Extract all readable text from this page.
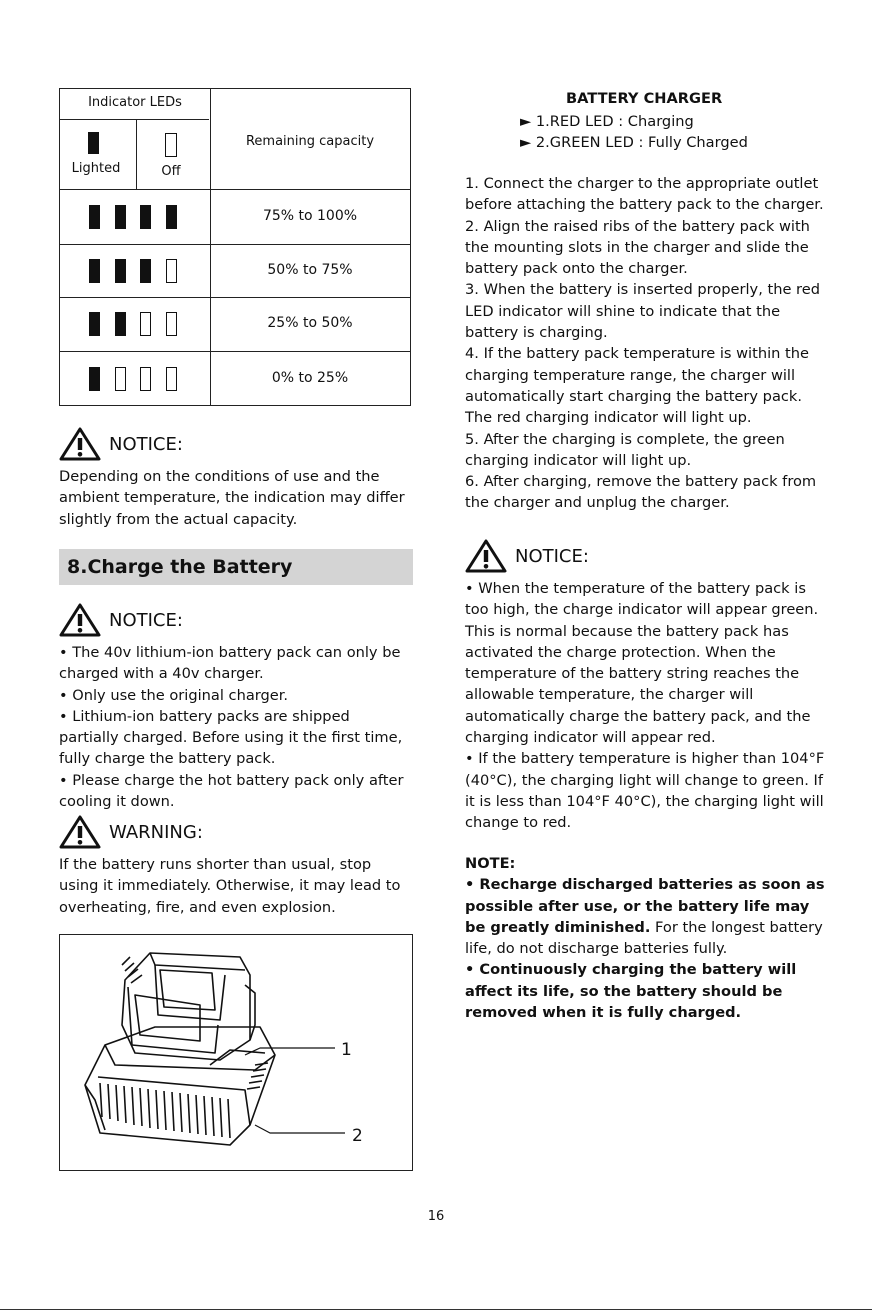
Indicator LEDs
Remaining capacity
Lighted	Off
75% to 100%
50% to 75%
25% to 50%
0% to 25%
NOTICE:
Depending on the conditions of use and the ambient temperature, the indication may differ slightly from the actual capacity.
8.Charge the Battery
NOTICE:

• The 40v lithium-ion battery pack can only be charged with a 40v charger.

• Only use the original charger.

• Lithium-ion battery packs are shipped partially charged. Before using it the first time, fully charge the battery pack.

• Please charge the hot battery pack only after cooling it down.

WARNING:
If the battery runs shorter than usual, stop using it immediately. Otherwise, it may lead to overheating, fire, and even explosion.
1
2
BATTERY CHARGER
► 1.RED LED : Charging
► 2.GREEN LED : Fully Charged

1. Connect the charger to the appropriate outlet before attaching the battery pack to the charger.

2. Align the raised ribs of the battery pack with the mounting slots in the charger and slide the battery pack onto the charger.

3. When the battery is inserted properly, the red LED indicator will shine to indicate that the battery is charging.

4. If the battery pack temperature is within the charging temperature range, the charger will automatically start charging the battery pack. The red charging indicator will light up.

5. After the charging is complete, the green charging indicator will light up.

6. After charging, remove the battery pack from the charger and unplug the charger.

NOTICE:

• When the temperature of the battery pack is too high, the charge indicator will appear green. This is normal because the battery pack has activated the charge protection. When the temperature of the battery string reaches the allowable temperature, the charger will automatically charge the battery pack, and the charging indicator will appear red.

• If the battery temperature is higher than 104°F (40°C), the charging light will change to green. If it is less than 104°F 40°C), the charging light will change to red.

NOTE:

• Recharge discharged batteries as soon as possible after use, or the battery life may be greatly diminished. For the longest battery life, do not discharge batteries fully.

• Continuously charging the battery will affect its life, so the battery should be removed when it is fully charged.

16
